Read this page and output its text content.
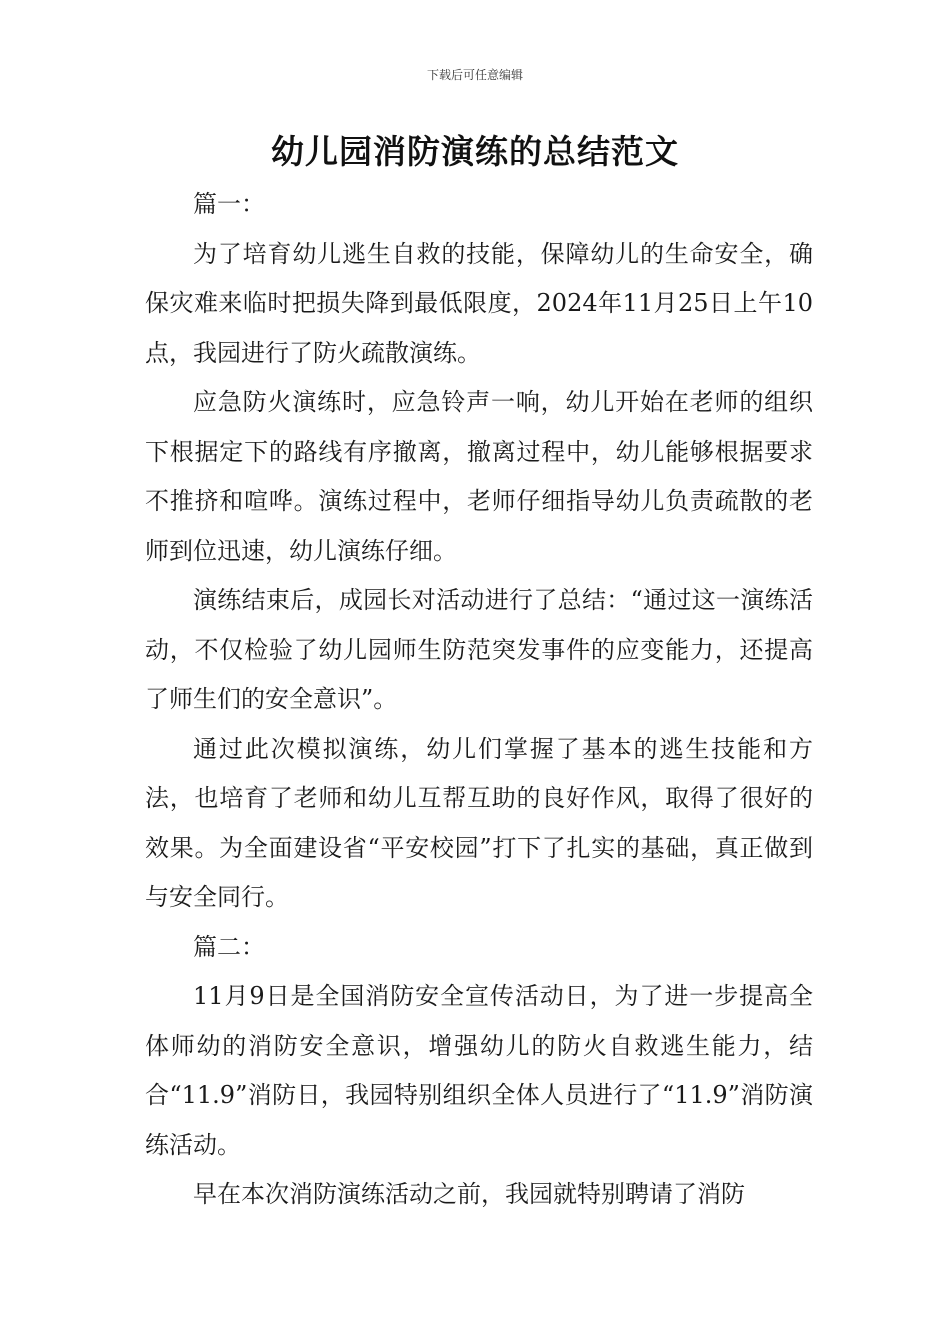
下载后可任意编辑
幼儿园消防演练的总结范文

篇一：

为了培育幼儿逃生自救的技能，保障幼儿的生命安全，确保灾难来临时把损失降到最低限度，2024年11月25日上午10点，我园进行了防火疏散演练。

应急防火演练时，应急铃声一响，幼儿开始在老师的组织下根据定下的路线有序撤离，撤离过程中，幼儿能够根据要求不推挤和喧哗。演练过程中，老师仔细指导幼儿负责疏散的老师到位迅速，幼儿演练仔细。

演练结束后，成园长对活动进行了总结：“通过这一演练活动，不仅检验了幼儿园师生防范突发事件的应变能力，还提高了师生们的安全意识”。

通过此次模拟演练，幼儿们掌握了基本的逃生技能和方法，也培育了老师和幼儿互帮互助的良好作风，取得了很好的效果。为全面建设省“平安校园”打下了扎实的基础，真正做到与安全同行。

篇二：

11月9日是全国消防安全宣传活动日，为了进一步提高全体师幼的消防安全意识，增强幼儿的防火自救逃生能力，结合“11.9”消防日，我园特别组织全体人员进行了“11.9”消防演练活动。

早在本次消防演练活动之前，我园就特别聘请了消防
